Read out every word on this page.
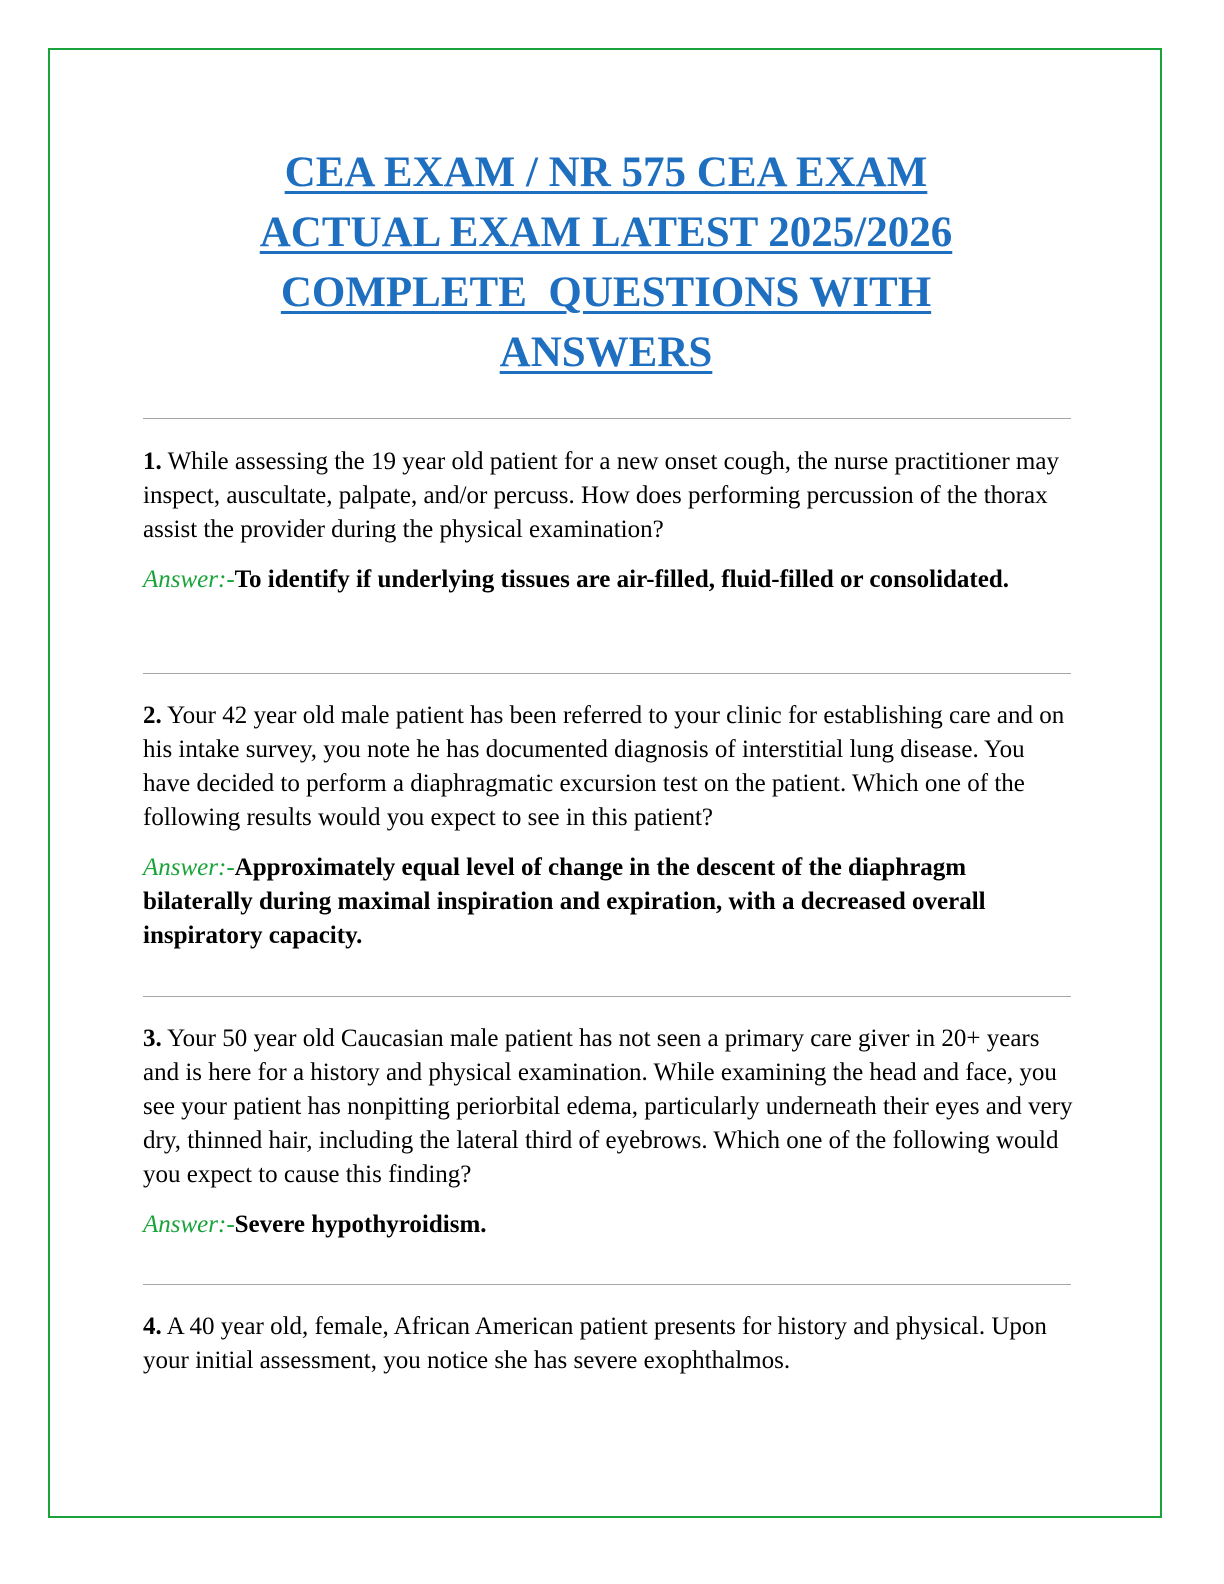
CEA EXAM / NR 575 CEA EXAM
ACTUAL EXAM LATEST 2025/2026
COMPLETE  QUESTIONS WITH
ANSWERS

1. While assessing the 19 year old patient for a new onset cough, the nurse practitioner may inspect, auscultate, palpate, and/or percuss. How does performing percussion of the thorax assist the provider during the physical examination?

Answer:-To identify if underlying tissues are air-filled, fluid-filled or consolidated.

2. Your 42 year old male patient has been referred to your clinic for establishing care and on his intake survey, you note he has documented diagnosis of interstitial lung disease. You have decided to perform a diaphragmatic excursion test on the patient. Which one of the following results would you expect to see in this patient?

Answer:-Approximately equal level of change in the descent of the diaphragm bilaterally during maximal inspiration and expiration, with a decreased overall inspiratory capacity.

3. Your 50 year old Caucasian male patient has not seen a primary care giver in 20+ years and is here for a history and physical examination. While examining the head and face, you see your patient has nonpitting periorbital edema, particularly underneath their eyes and very dry, thinned hair, including the lateral third of eyebrows. Which one of the following would you expect to cause this finding?

Answer:-Severe hypothyroidism.

4. A 40 year old, female, African American patient presents for history and physical. Upon your initial assessment, you notice she has severe exophthalmos.
